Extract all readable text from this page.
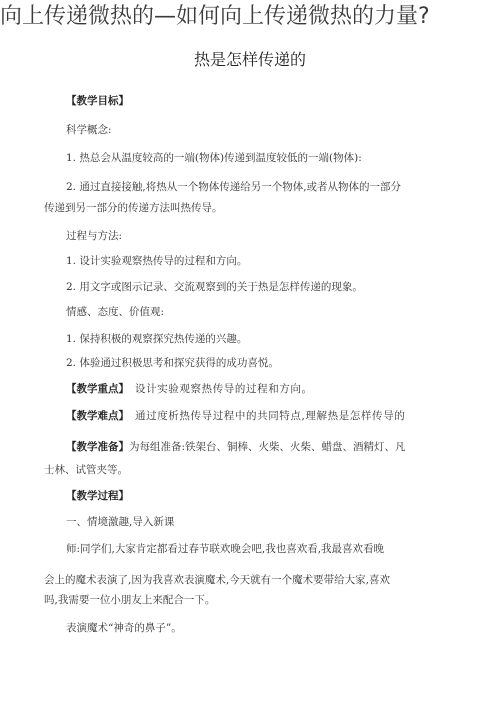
向上传递微热的—如何向上传递微热的力量?
热是怎样传递的
【教学目标】
科学概念:
1. 热总会从温度较高的一端(物体)传递到温度较低的一端(物体):
2. 通过直接接触,将热从一个物体传递给另一个物体,或者从物体的一部分
传递到另一部分的传递方法叫热传导。
过程与方法:
1. 设计实验观察热传导的过程和方向。
2. 用文字或图示记录、交流观察到的关于热是怎样传递的现象。
情感、态度、价值观:
1. 保持积极的观察探究热传递的兴趣。
2. 体验通过积极思考和探究获得的成功喜悦。
【教学重点】 设计实验观察热传导的过程和方向。
【教学难点】 通过度析热传导过程中的共同特点,理解热是怎样传导的
【教学准备】为每组准备:铁架台、铜棒、火柴、火柴、蜡盘、酒精灯、凡
士林、试管夹等。
【教学过程】
一、情境激趣,导入新课
师:同学们,大家肯定都看过春节联欢晚会吧,我也喜欢看,我最喜欢看晚
会上的魔术表演了,因为我喜欢表演魔术,今天就有一个魔术要带给大家,喜欢
吗,我需要一位小朋友上来配合一下。
表演魔术“神奇的鼻子”。
